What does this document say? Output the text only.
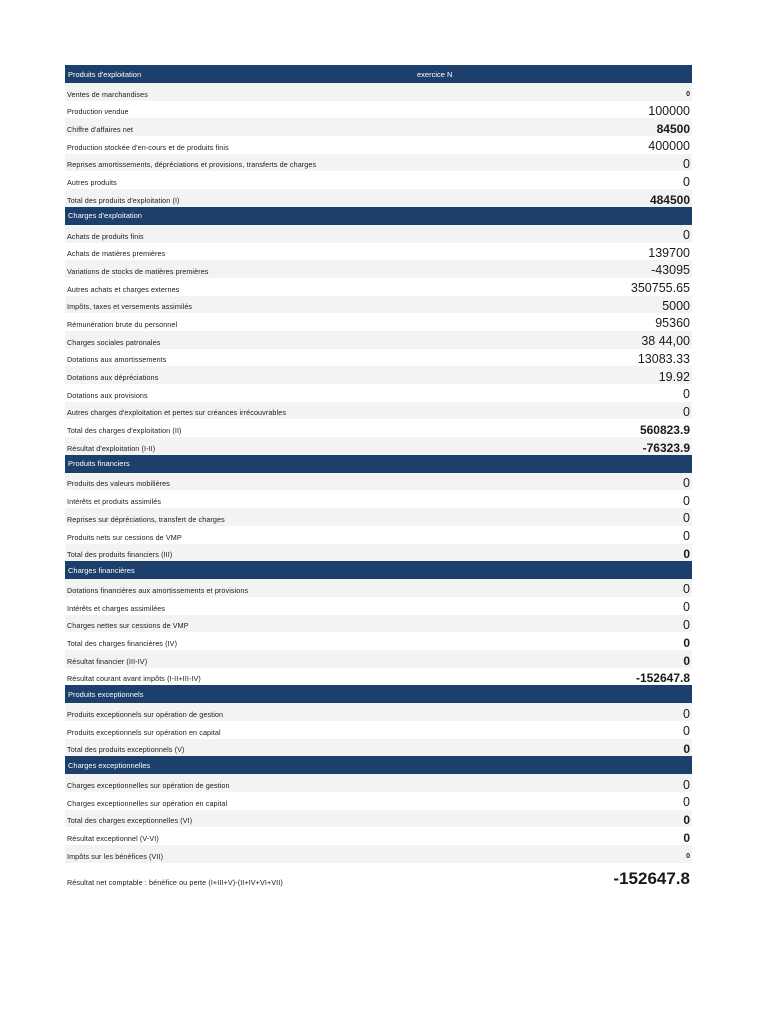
Produits d'exploitation	exercice N
Ventes de marchandises	0
Production vendue	100000
Chiffre d'affaires net	84500
Production stockée d'en-cours et de produits finis	400000
Reprises amortissements, dépréciations et provisions, transferts de charges	0
Autres produits	0
Total des produits d'exploitation (I)	484500
Charges d'exploitation
Achats de produits finis	0
Achats de matières premières	139700
Variations de stocks de matières premières	-43095
Autres achats et charges externes	350755.65
Impôts, taxes et versements assimilés	5000
Rémunération brute du personnel	95360
Charges sociales patronales	38 44,00
Dotations aux amortissements	13083.33
Dotations aux dépréciations	19.92
Dotations aux provisions	0
Autres charges d'exploitation et pertes sur créances irrécouvrables	0
Total des charges d'exploitation (II)	560823.9
Résultat d'exploitation (I-II)	-76323.9
Produits financiers
Produits des valeurs mobilières	0
Intérêts et produits assimilés	0
Reprises sur dépréciations, transfert de charges	0
Produits nets sur cessions de VMP	0
Total des produits financiers (III)	0
Charges financières
Dotations financières aux amortissements et provisions	0
Intérêts et charges assimilées	0
Charges nettes sur cessions de VMP	0
Total des charges financières (IV)	0
Résultat financier (III-IV)	0
Résultat courant avant impôts (I-II+III-IV)	-152647.8
Produits exceptionnels
Produits exceptionnels sur opération de gestion	0
Produits exceptionnels sur opération en capital	0
Total des produits exceptionnels (V)	0
Charges exceptionnelles
Charges exceptionnelles sur opération de gestion	0
Charges exceptionnelles sur opération en capital	0
Total des charges exceptionnelles (VI)	0
Résultat exceptionnel (V-VI)	0
Impôts sur les bénéfices (VII)	0
Résultat net comptable : bénéfice ou perte (I+III+V)-(II+IV+VI+VII)	-152647.8
